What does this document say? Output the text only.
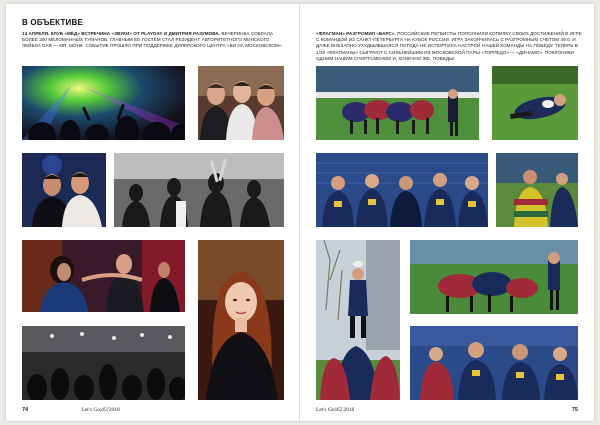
В ОБЪЕКТИВЕ
14 АПРЕЛЯ. КЛУБ «МЁД» ВСТРЕЧИНА «ЗВУКИ» ОТ PLAYDAY И ДМИТРИЯ РАЗУМОВА. ВЕЧЕРИНКА СОБРАЛА БОЛЕЕ 300 МЕЛОМАННЫХ ТУМАНОВ. ГЛАВНЫМ ЕЕ ГОСТЕМ СТАЛ РЕЗИДЕНТ АВТОРИТЕТНОГО МИНСКОГО ЛЕЙБЛА DAR — MR. МОНК. СОБЫТИЕ ПРОШЛО ПРИ ПОДДЕРЖКЕ ДИЛЕРСКОГО ЦЕНТРА «ВИ НА МОСКОВСКОМ».
74	Let's Go|45|'2018
«ФЛАГМАН» РАЗГРОМИЛ «БАРС». РОССИЙСКИЕ РЕГБИСТЫ ПОПОЛНИЛИ КОПИЛКУ СВОИХ ДОСТИЖЕНИЙ В ИГРЕ С КОМАНДОЙ ИЗ САНКТ-ПЕТЕРБУРГА НА КУБОК РОССИИ. ИГРА ЗАКОНЧИЛАСЬ С РАЗГРОМНЫМ СЧЕТОМ 49:0, И ДАЖЕ ВНЕЗАПНО УХУДШИВШАЯСЯ ПОГОДА НЕ ИСПОРТИЛА НАСТРОЙ НАШЕЙ КОМАНДЫ НА ПОБЕДУ. ТЕПЕРЬ В 1/16 «ФЛАГМАНЫ» СЫГРАЮТ С СИЛЬНЕЙШИМ ИЗ МОСКОВСКОЙ ПАРЫ «ТОРПЕДО» — «ДИНАМО». ПОКЛОНИКИ ОДНИМ НАШИМ СПОРТСМЕНОМ И, КОНЕЧНО ЖЕ, ПОБЕДЫ!
Let's Go|45|'2018	75
